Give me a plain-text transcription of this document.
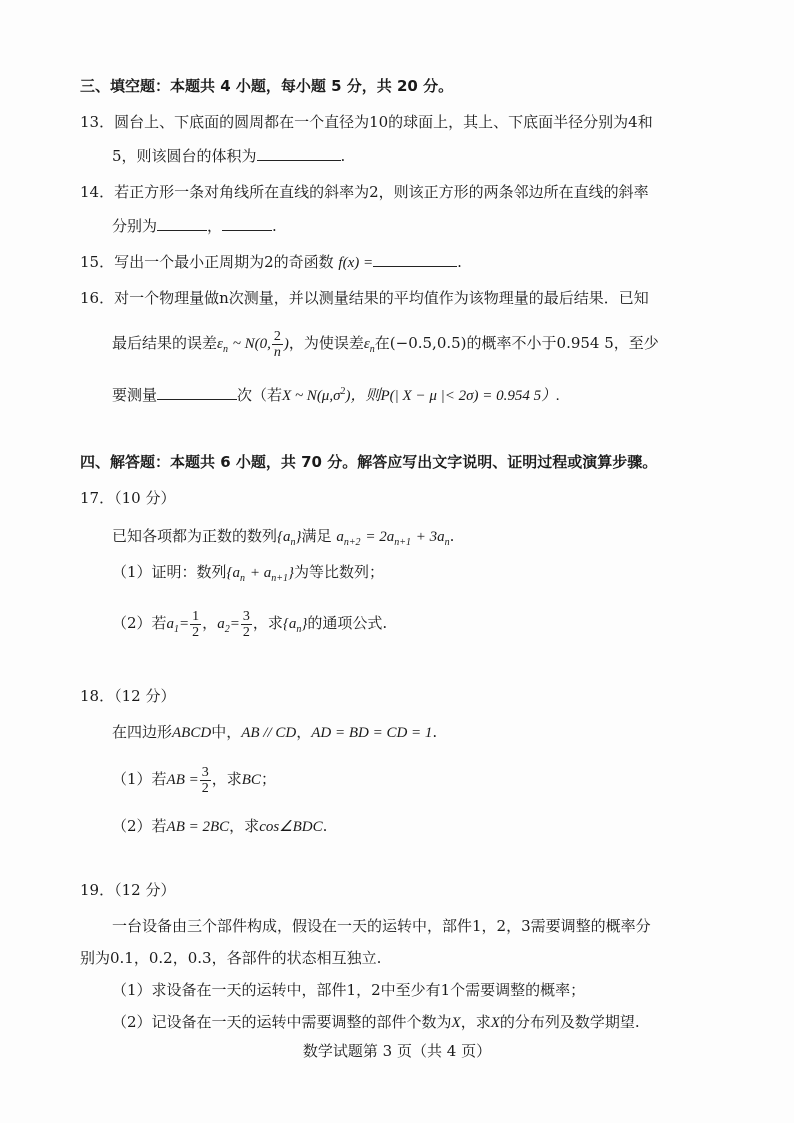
三、填空题：本题共 4 小题，每小题 5 分，共 20 分。
13．圆台上、下底面的圆周都在一个直径为10的球面上，其上、下底面半径分别为4和
5，则该圆台的体积为	.
14．若正方形一条对角线所在直线的斜率为2，则该正方形的两条邻边所在直线的斜率
分别为	，	.
15．写出一个最小正周期为2的奇函数 f(x) =	.
16．对一个物理量做n次测量，并以测量结果的平均值作为该物理量的最后结果．已知
最后结果的误差$\varepsilon_n$ ~ N(0, $\frac{2}{n}$ )，为使误差$\varepsilon_n$在(−0.5,0.5)的概率不小于0.954 5，至少
要测量	次（若X ~ $N(\mu,\sigma^2)$，则P(| X − μ |< 2σ) = 0.954 5）.
四、解答题：本题共 6 小题，共 70 分。解答应写出文字说明、证明过程或演算步骤。
17．（10 分）
已知各项都为正数的数列$\{a_n\}$满足 $a_{n+2} = 2a_{n+1} + 3a_n$.
（1）证明：数列$\{a_n + a_{n+1}\}$为等比数列；
（2）若$a_1= \frac{1}{2}$ ，$a_2= \frac{3}{2}$ ，求$\{a_n\}$的通项公式.
18．（12 分）
在四边形ABCD中，AB // CD，AD = BD = CD = 1.
（1）若AB = $\frac{3}{2}$ ，求BC；
（2）若AB = 2BC，求cos∠BDC.
19．（12 分）
一台设备由三个部件构成，假设在一天的运转中，部件1，2，3需要调整的概率分
别为0.1，0.2，0.3，各部件的状态相互独立.
（1）求设备在一天的运转中，部件1，2中至少有1个需要调整的概率；
（2）记设备在一天的运转中需要调整的部件个数为X，求X的分布列及数学期望.
数学试题第 3 页（共 4 页）
